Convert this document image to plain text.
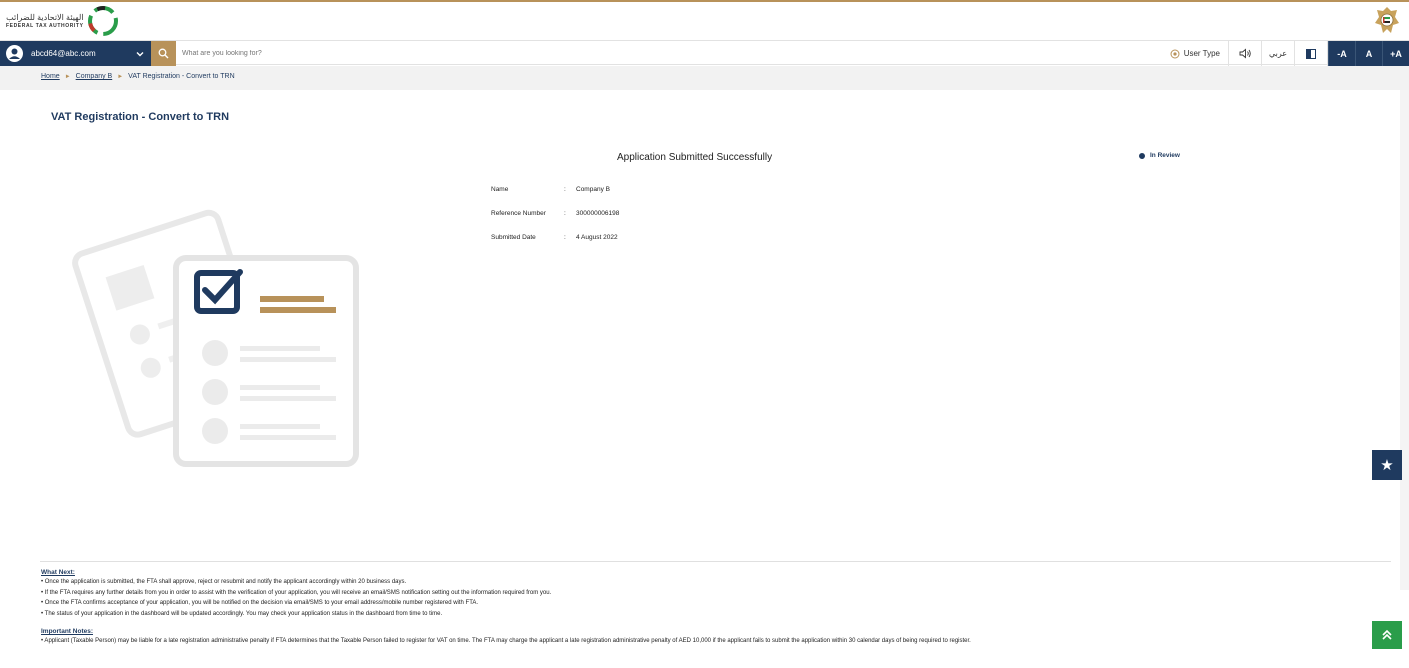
الهيئة الاتحادية للضرائب
FEDERAL TAX AUTHORITY
abcd64@abc.com
What are you looking for?	User Type	عربي	-A	A	+A
Home ► Company B ► VAT Registration - Convert to TRN
VAT Registration - Convert to TRN
Application Submitted Successfully	In Review
Name	:	Company B
Reference Number	:	300000006198
Submitted Date	:	4 August 2022
★
What Next:
• Once the application is submitted, the FTA shall approve, reject or resubmit and notify the applicant accordingly within 20 business days.
• If the FTA requires any further details from you in order to assist with the verification of your application, you will receive an email/SMS notification setting out the information required from you.
• Once the FTA confirms acceptance of your application, you will be notified on the decision via email/SMS to your email address/mobile number registered with FTA.
• The status of your application in the dashboard will be updated accordingly. You may check your application status in the dashboard from time to time.
Important Notes:
• Applicant (Taxable Person) may be liable for a late registration administrative penalty if FTA determines that the Taxable Person failed to register for VAT on time. The FTA may charge the applicant a late registration administrative penalty of AED 10,000 if the applicant fails to submit the application within 30 calendar days of being required to register.
